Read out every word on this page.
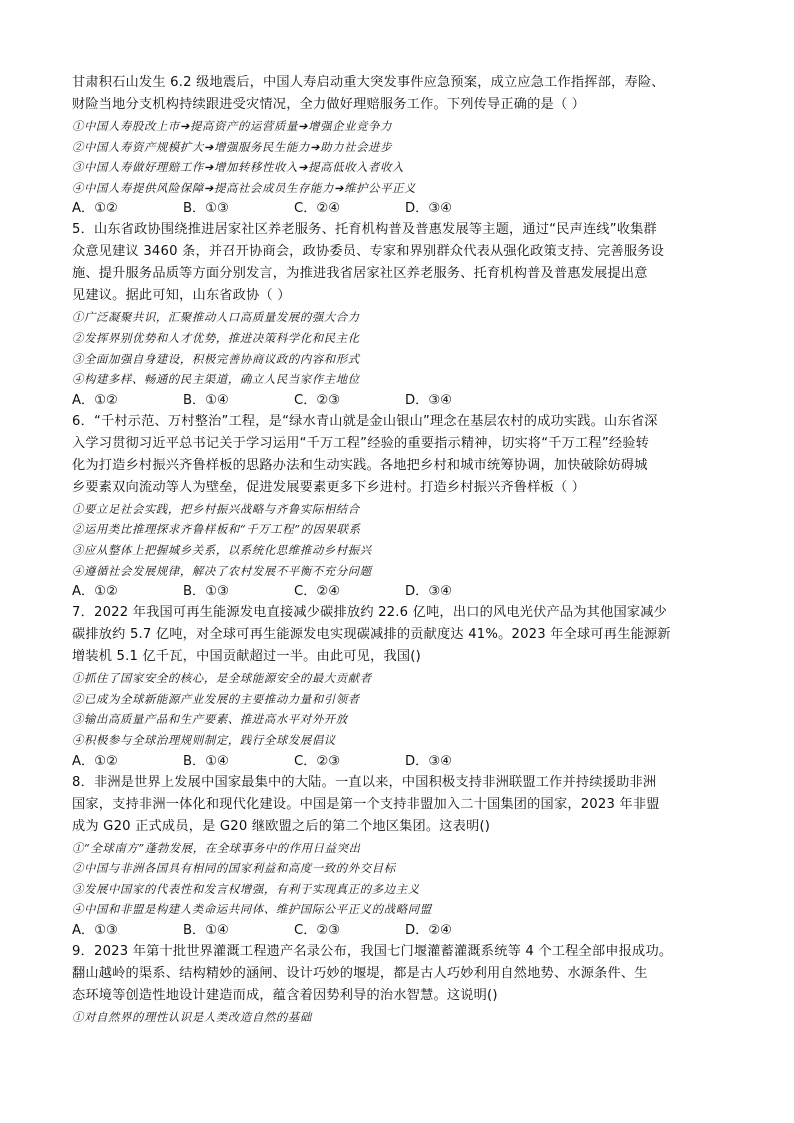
甘肃积石山发生 6.2 级地震后，中国人寿启动重大突发事件应急预案，成立应急工作指挥部，寿险、

财险当地分支机构持续跟进受灾情况，全力做好理赔服务工作。下列传导正确的是（ ）

①中国人寿股改上市➔提高资产的运营质量➔增强企业竞争力

②中国人寿资产规模扩大➔增强服务民生能力➔助力社会进步

③中国人寿做好理赔工作➔增加转移性收入➔提高低收入者收入

④中国人寿提供风险保障➔提高社会成员生存能力➔维护公平正义

A．①②	B．①③	C．②④	D．③④

5．山东省政协围绕推进居家社区养老服务、托育机构普及普惠发展等主题，通过“民声连线”收集群

众意见建议 3460 条，并召开协商会，政协委员、专家和界别群众代表从强化政策支持、完善服务设

施、提升服务品质等方面分别发言，为推进我省居家社区养老服务、托育机构普及普惠发展提出意

见建议。据此可知，山东省政协（ ）

①广泛凝聚共识，汇聚推动人口高质量发展的强大合力

②发挥界别优势和人才优势，推进决策科学化和民主化

③全面加强自身建设，积极完善协商议政的内容和形式

④构建多样、畅通的民主渠道，确立人民当家作主地位

A．①②	B．①④	C．②③	D．③④

6．“千村示范、万村整治”工程，是“绿水青山就是金山银山”理念在基层农村的成功实践。山东省深

入学习贯彻习近平总书记关于学习运用“千万工程”经验的重要指示精神，切实将“千万工程”经验转

化为打造乡村振兴齐鲁样板的思路办法和生动实践。各地把乡村和城市统筹协调，加快破除妨碍城

乡要素双向流动等人为壁垒，促进发展要素更多下乡进村。打造乡村振兴齐鲁样板（ ）

①要立足社会实践，把乡村振兴战略与齐鲁实际相结合

②运用类比推理探求齐鲁样板和“千万工程”的因果联系

③应从整体上把握城乡关系，以系统化思维推动乡村振兴

④遵循社会发展规律，解决了农村发展不平衡不充分问题

A．①②	B．①③	C．②④	D．③④

7．2022 年我国可再生能源发电直接减少碳排放约 22.6 亿吨，出口的风电光伏产品为其他国家减少

碳排放约 5.7 亿吨，对全球可再生能源发电实现碳减排的贡献度达 41%。2023 年全球可再生能源新

增装机 5.1 亿千瓦，中国贡献超过一半。由此可见，我国()

①抓住了国家安全的核心，是全球能源安全的最大贡献者

②已成为全球新能源产业发展的主要推动力量和引领者

③输出高质量产品和生产要素、推进高水平对外开放

④积极参与全球治理规则制定，践行全球发展倡议

A．①②	B．①④	C．②③	D．③④

8．非洲是世界上发展中国家最集中的大陆。一直以来，中国积极支持非洲联盟工作并持续援助非洲

国家，支持非洲一体化和现代化建设。中国是第一个支持非盟加入二十国集团的国家，2023 年非盟

成为 G20 正式成员，是 G20 继欧盟之后的第二个地区集团。这表明()

①“全球南方”蓬勃发展，在全球事务中的作用日益突出

②中国与非洲各国具有相同的国家利益和高度一致的外交目标

③发展中国家的代表性和发言权增强，有利于实现真正的多边主义

④中国和非盟是构建人类命运共同体、维护国际公平正义的战略同盟

A．①③	B．①④	C．②③	D．②④

9．2023 年第十批世界灌溉工程遗产名录公布，我国七门堰灌蓄灌溉系统等 4 个工程全部申报成功。

翻山越岭的渠系、结构精妙的涵闸、设计巧妙的堰堤，都是古人巧妙利用自然地势、水源条件、生

态环境等创造性地设计建造而成，蕴含着因势利导的治水智慧。这说明()

①对自然界的理性认识是人类改造自然的基础
